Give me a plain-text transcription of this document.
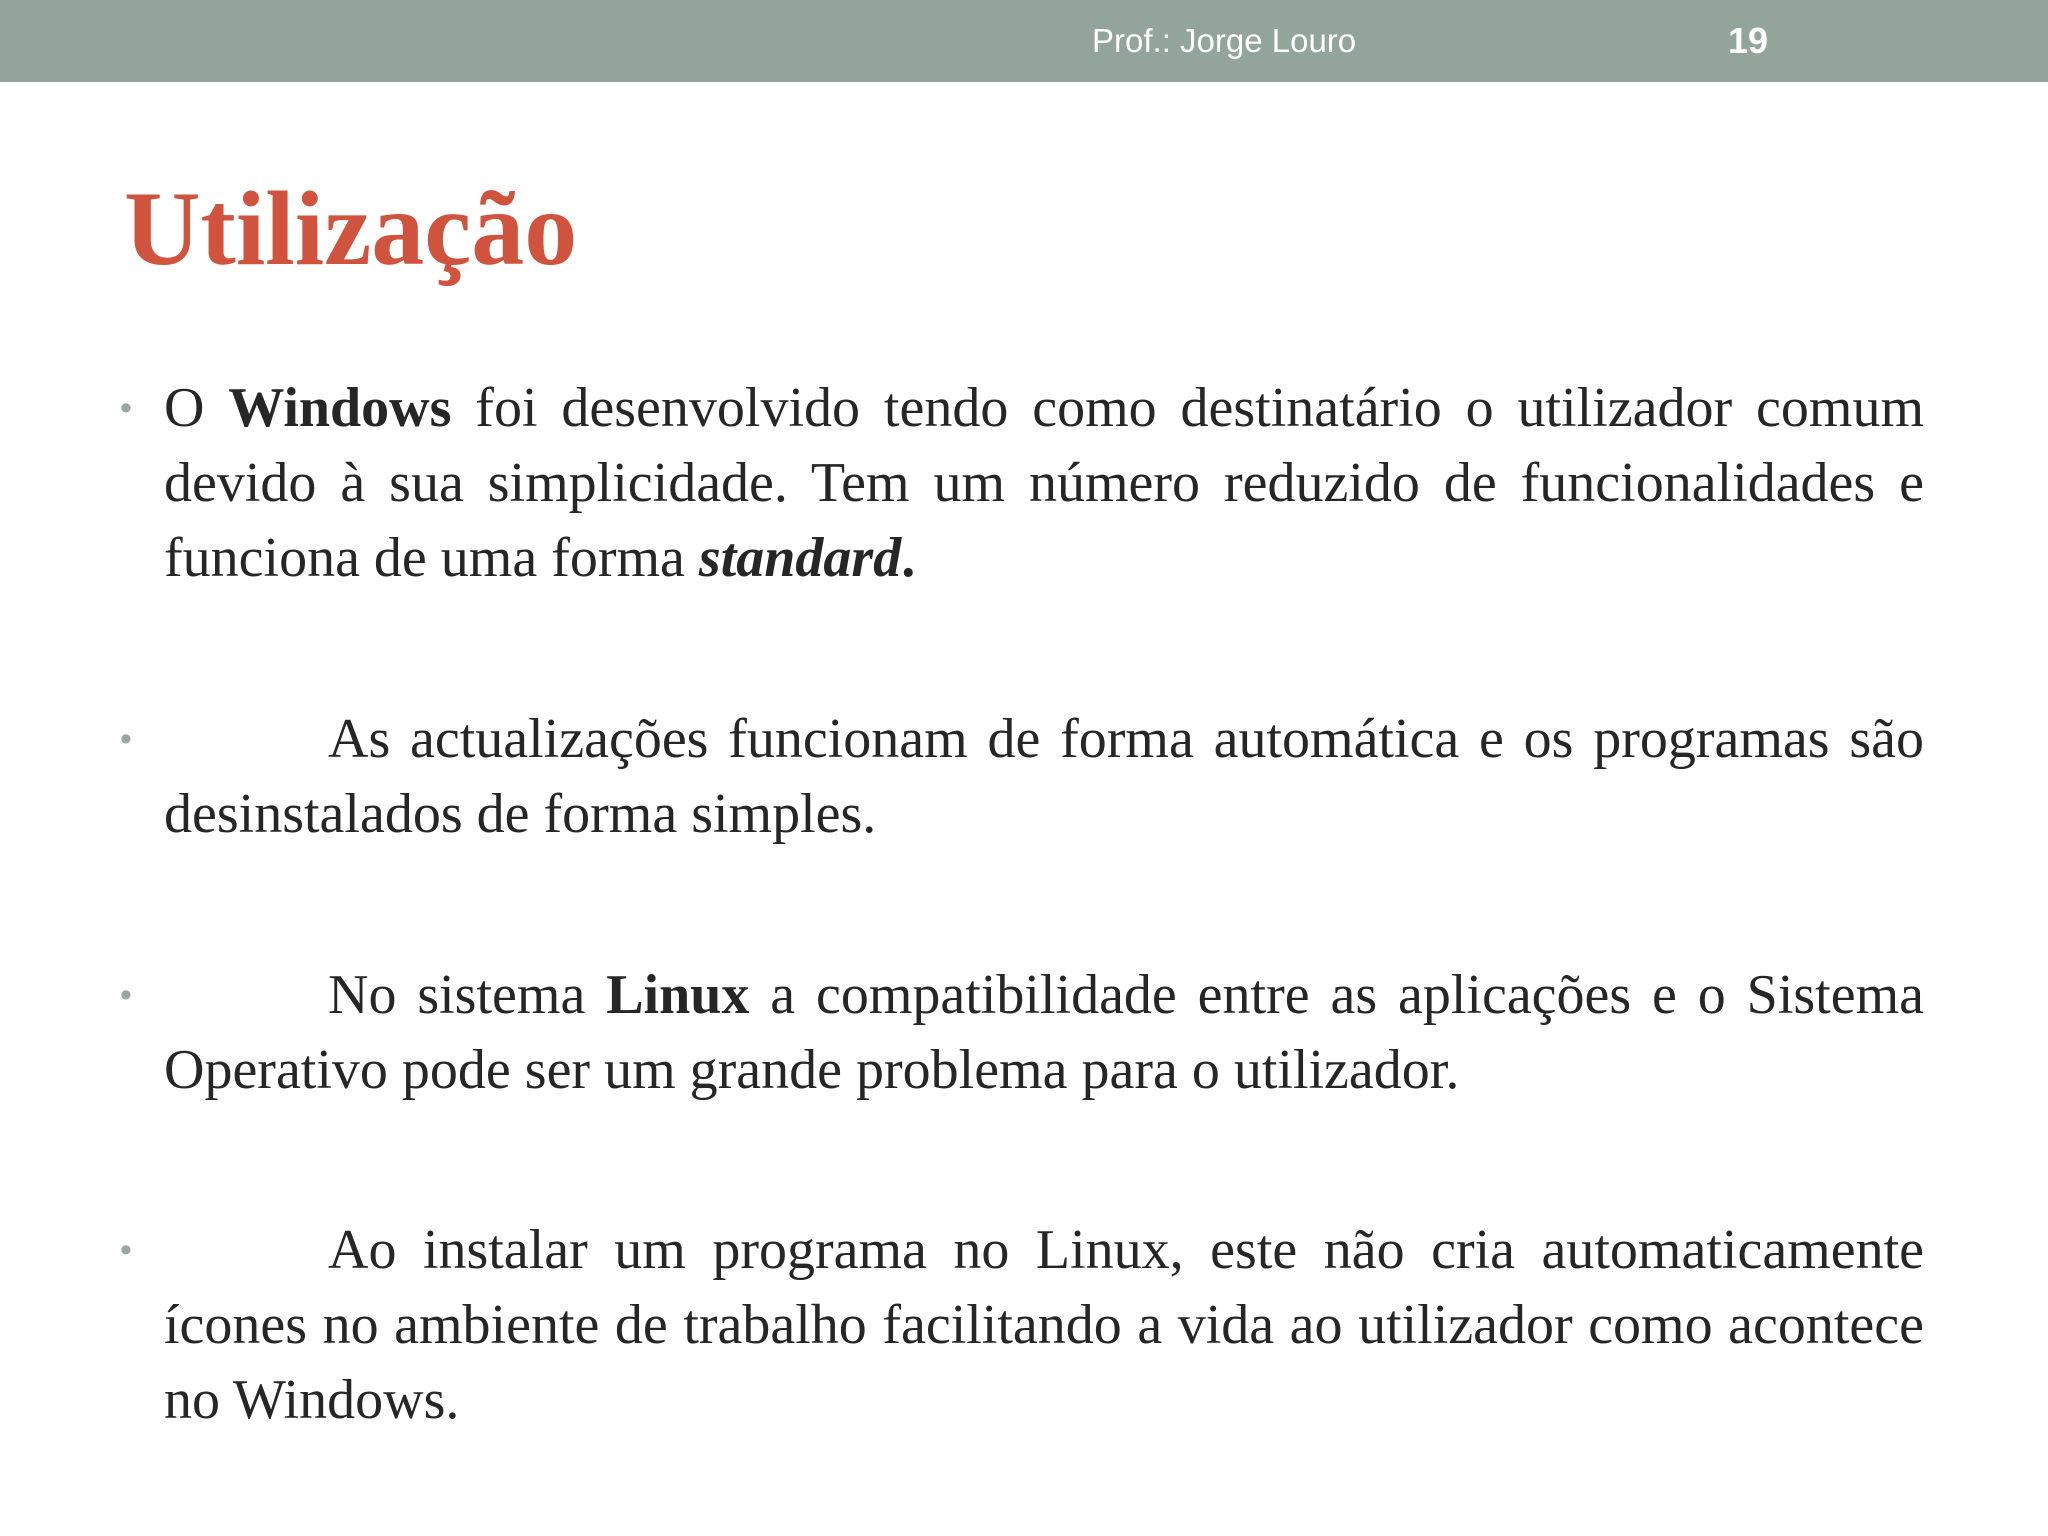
Prof.: Jorge Louro	19
Utilização
• O Windows foi desenvolvido tendo como destinatário o utilizador comum devido à sua simplicidade. Tem um número reduzido de funcionalidades e funciona de uma forma standard.
•	As actualizações funcionam de forma automática e os programas são desinstalados de forma simples.
•	No sistema Linux a compatibilidade entre as aplicações e o Sistema Operativo pode ser um grande problema para o utilizador.
•	Ao instalar um programa no Linux, este não cria automaticamente ícones no ambiente de trabalho facilitando a vida ao utilizador como acontece no Windows.
